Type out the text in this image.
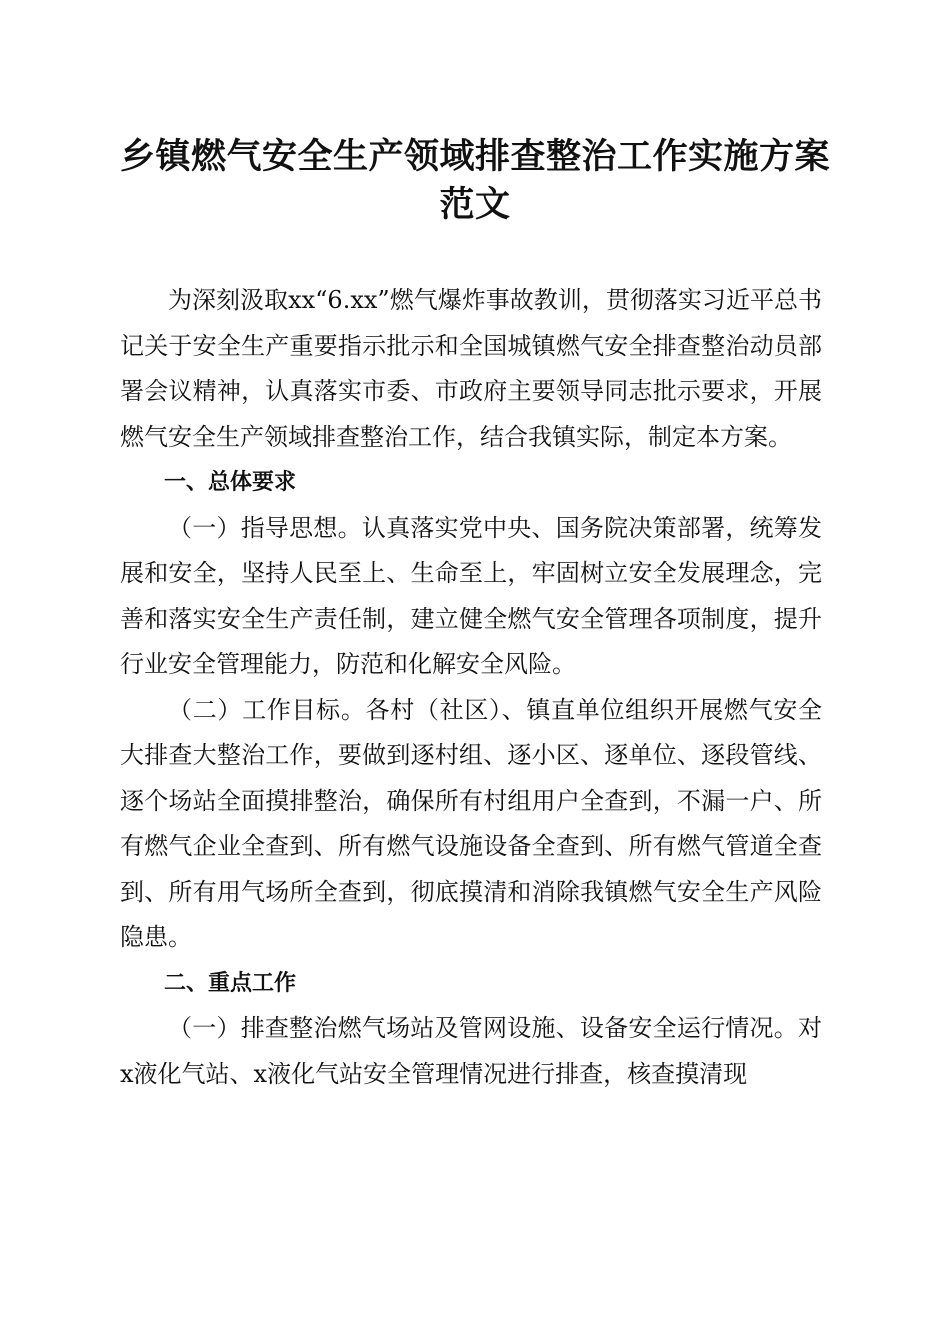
乡镇燃气安全生产领域排查整治工作实施方案
范文

为深刻汲取xx“6.xx”燃气爆炸事故教训，贯彻落实习近平总书记关于安全生产重要指示批示和全国城镇燃气安全排查整治动员部署会议精神，认真落实市委、市政府主要领导同志批示要求，开展燃气安全生产领域排查整治工作，结合我镇实际，制定本方案。

一、总体要求

（一）指导思想。认真落实党中央、国务院决策部署，统筹发展和安全，坚持人民至上、生命至上，牢固树立安全发展理念，完善和落实安全生产责任制，建立健全燃气安全管理各项制度，提升行业安全管理能力，防范和化解安全风险。

（二）工作目标。各村（社区）、镇直单位组织开展燃气安全大排查大整治工作，要做到逐村组、逐小区、逐单位、逐段管线、逐个场站全面摸排整治，确保所有村组用户全查到，不漏一户、所有燃气企业全查到、所有燃气设施设备全查到、所有燃气管道全查到、所有用气场所全查到，彻底摸清和消除我镇燃气安全生产风险隐患。

二、重点工作

（一）排查整治燃气场站及管网设施、设备安全运行情况。对x液化气站、x液化气站安全管理情况进行排查，核查摸清现
